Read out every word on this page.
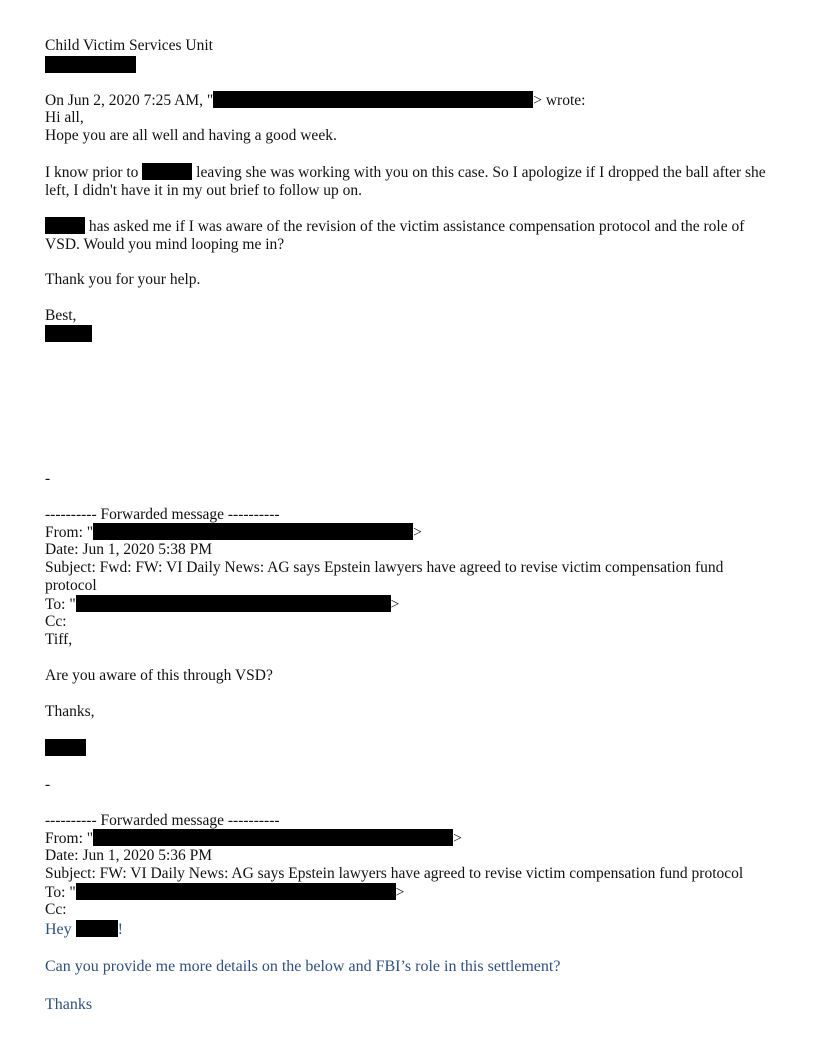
Child Victim Services Unit
On Jun 2, 2020 7:25 AM, "	> wrote:
Hi all,
Hope you are all well and having a good week.
I know prior to	leaving she was working with you on this case. So I apologize if I dropped the ball after she left, I didn't have it in my out brief to follow up on.
has asked me if I was aware of the revision of the victim assistance compensation protocol and the role of VSD. Would you mind looping me in?
Thank you for your help.
Best,
-
---------- Forwarded message ----------
From: "	>
Date: Jun 1, 2020 5:38 PM
Subject: Fwd: FW: VI Daily News: AG says Epstein lawyers have agreed to revise victim compensation fund protocol
To: "	>
Cc:
Tiff,
Are you aware of this through VSD?
Thanks,
-
---------- Forwarded message ----------
From: "	>
Date: Jun 1, 2020 5:36 PM
Subject: FW: VI Daily News: AG says Epstein lawyers have agreed to revise victim compensation fund protocol
To: "	>
Cc:
Hey	!
Can you provide me more details on the below and FBI’s role in this settlement?
Thanks
